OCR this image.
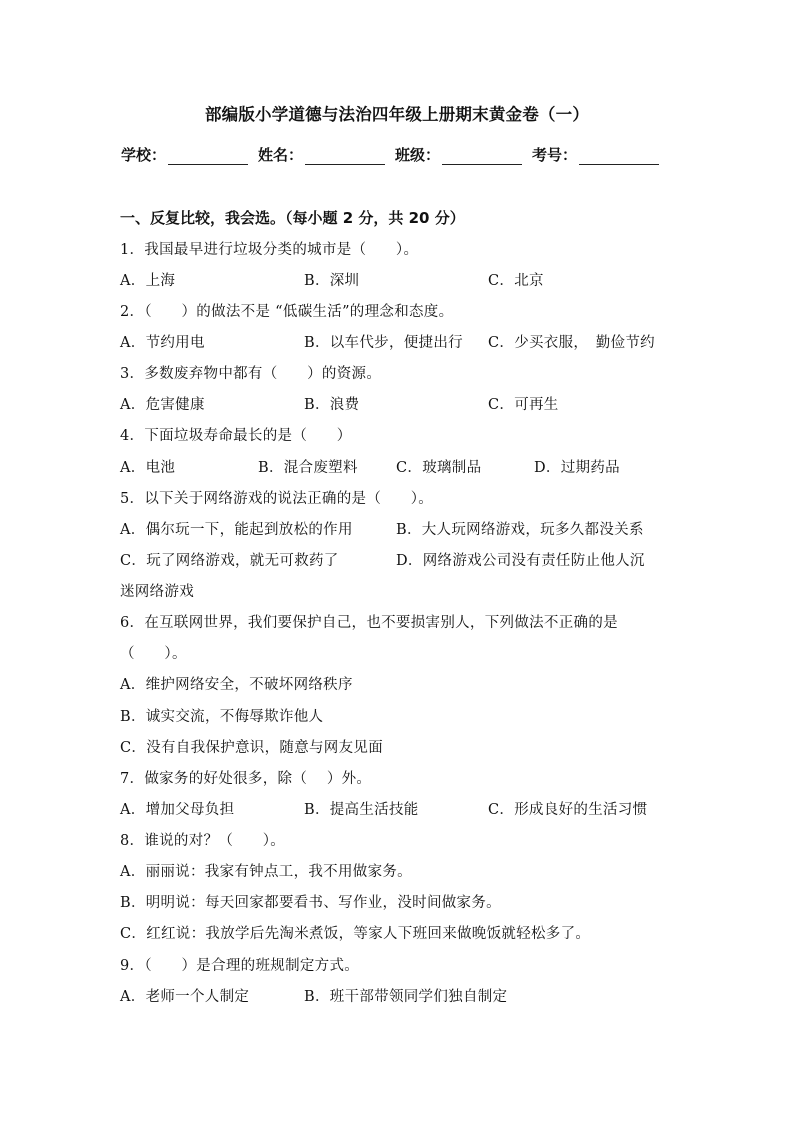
部编版小学道德与法治四年级上册期末黄金卷（一）
学校：	姓名：	班级：	考号：
一、反复比较，我会选。（每小题 2 分，共 20 分）
1．我国最早进行垃圾分类的城市是（　　）。
A．上海	B．深圳	C．北京
2．（　　）的做法不是 “低碳生活”的理念和态度。
A．节约用电	B．以车代步，便捷出行 C．少买衣服，　勤俭节约
3．多数废弃物中都有（　　）的资源。
A．危害健康	B．浪费	C．可再生
4．下面垃圾寿命最长的是（　　）
A．电池	B．混合废塑料	C．玻璃制品	D．过期药品
5．以下关于网络游戏的说法正确的是（　　）。
A．偶尔玩一下，能起到放松的作用	B．大人玩网络游戏，玩多久都没关系
C．玩了网络游戏，就无可救药了	D．网络游戏公司没有责任防止他人沉
迷网络游戏
6．在互联网世界，我们要保护自己，也不要损害别人，下列做法不正确的是
（　　）。
A．维护网络安全，不破坏网络秩序
B．诚实交流，不侮辱欺诈他人
C．没有自我保护意识，随意与网友见面
7．做家务的好处很多，除（　 ）外。
A．增加父母负担	B．提高生活技能	C．形成良好的生活习惯
8．谁说的对？（　　）。
A．丽丽说：我家有钟点工，我不用做家务。
B．明明说：每天回家都要看书、写作业，没时间做家务。
C．红红说：我放学后先淘米煮饭，等家人下班回来做晚饭就轻松多了。
9．（　　）是合理的班规制定方式。
A．老师一个人制定	B．班干部带领同学们独自制定
